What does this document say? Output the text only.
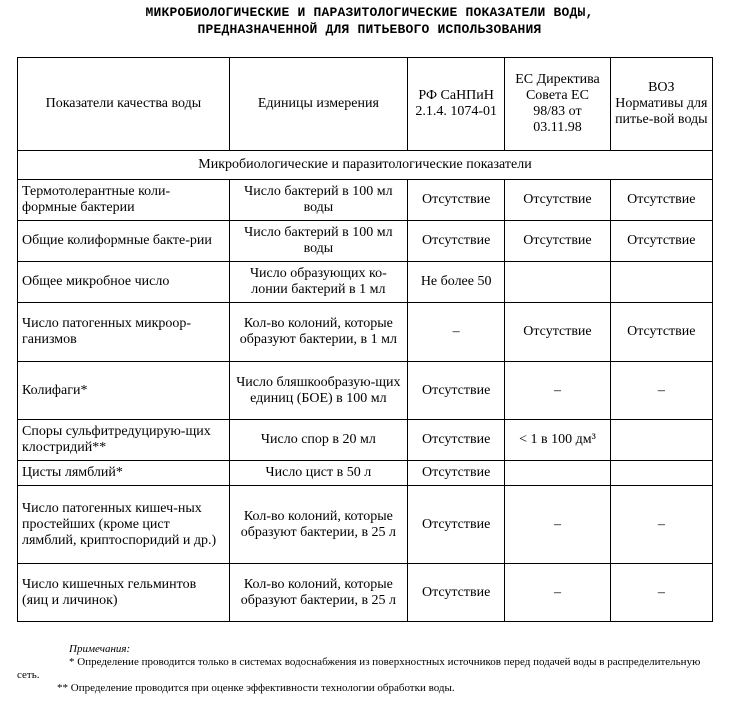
МИКРОБИОЛОГИЧЕСКИЕ И ПАРАЗИТОЛОГИЧЕСКИЕ ПОКАЗАТЕЛИ ВОДЫ,
ПРЕДНАЗНАЧЕННОЙ ДЛЯ ПИТЬЕВОГО ИСПОЛЬЗОВАНИЯ
Показатели качества воды	Единицы измерения	РФ СаНПиН 2.1.4. 1074-01	ЕС Директива Совета ЕС 98/83 от 03.11.98	ВОЗ Нормативы для питье-вой воды
Микробиологические и паразитологические показатели				
Термотолерантные коли-формные бактерии	Число бактерий в 100 мл воды	Отсутствие	Отсутствие	Отсутствие
Общие колиформные бакте-рии	Число бактерий в 100 мл воды	Отсутствие	Отсутствие	Отсутствие
Общее микробное число	Число образующих ко-лонии бактерий в 1 мл	Не более 50		
Число патогенных микроор-ганизмов	Кол-во колоний, которые образуют бактерии, в 1 мл	–	Отсутствие	Отсутствие
Колифаги*	Число бляшкообразую-щих единиц (БОЕ) в 100 мл	Отсутствие	–	–
Споры сульфитредуцирую-щих клостридий**	Число спор в 20 мл	Отсутствие	< 1 в 100 дм³	
Цисты лямблий*	Число цист в 50 л	Отсутствие		
Число патогенных кишеч-ных простейших (кроме цист лямблий, криптоспоридий и др.)	Кол-во колоний, которые образуют бактерии, в 25 л	Отсутствие	–	–
Число кишечных гельминтов (яиц и личинок)	Кол-во колоний, которые образуют бактерии, в 25 л	Отсутствие	–	–
Примечания:
* Определение проводится только в системах водоснабжения из поверхностных источников перед подачей воды в распределительную сеть.
** Определение проводится при оценке эффективности технологии обработки воды.
